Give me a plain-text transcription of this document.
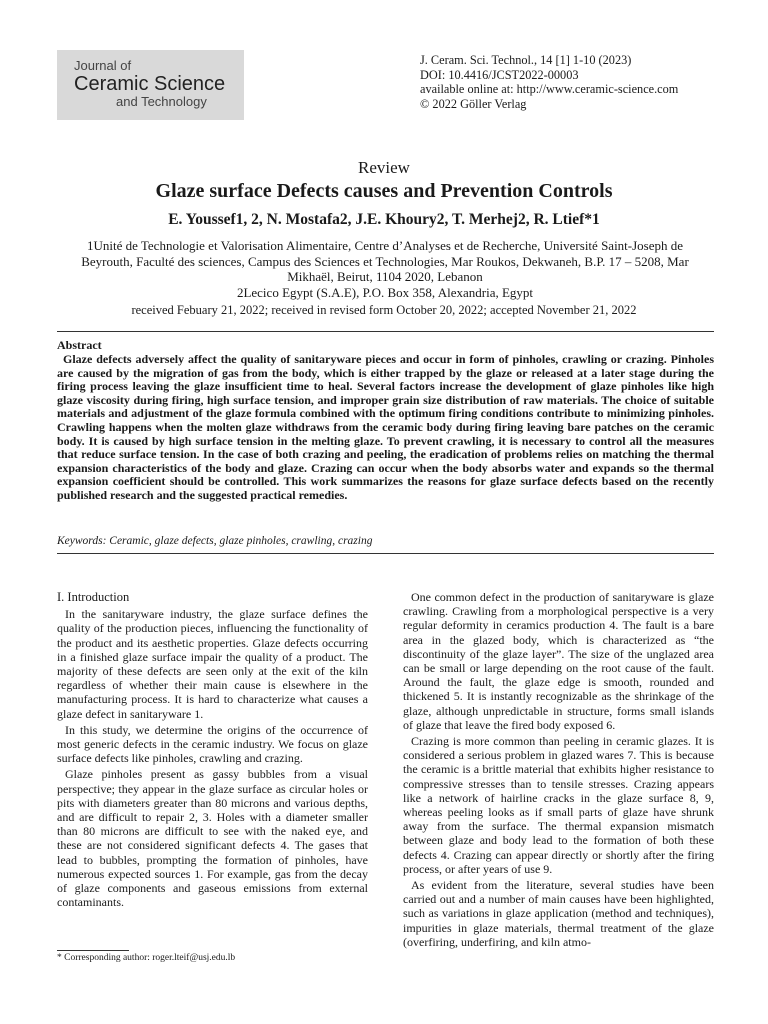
Journal of
Ceramic Science
and Technology
J. Ceram. Sci. Technol., 14 [1] 1-10 (2023)
DOI: 10.4416/JCST2022-00003
available online at: http://www.ceramic-science.com
© 2022 Göller Verlag
Review
Glaze surface Defects causes and Prevention Controls
E. Youssef1, 2, N. Mostafa2, J.E. Khoury2, T. Merhej2, R. Ltief*1
1Unité de Technologie et Valorisation Alimentaire, Centre d’Analyses et de Recherche, Université Saint-Joseph de Beyrouth, Faculté des sciences, Campus des Sciences et Technologies, Mar Roukos, Dekwaneh, B.P. 17 – 5208, Mar Mikhaël, Beirut, 1104 2020, Lebanon
2Lecico Egypt (S.A.E), P.O. Box 358, Alexandria, Egypt
received Febuary 21, 2022; received in revised form October 20, 2022; accepted November 21, 2022
Abstract
Glaze defects adversely affect the quality of sanitaryware pieces and occur in form of pinholes, crawling or crazing. Pinholes are caused by the migration of gas from the body, which is either trapped by the glaze or released at a later stage during the firing process leaving the glaze insufficient time to heal. Several factors increase the development of glaze pinholes like high glaze viscosity during firing, high surface tension, and improper grain size distribution of raw materials. The choice of suitable materials and adjustment of the glaze formula combined with the optimum firing conditions contribute to minimizing pinholes. Crawling happens when the molten glaze withdraws from the ceramic body during firing leaving bare patches on the ceramic body. It is caused by high surface tension in the melting glaze. To prevent crawling, it is necessary to control all the measures that reduce surface tension. In the case of both crazing and peeling, the eradication of problems relies on matching the thermal expansion characteristics of the body and glaze. Crazing can occur when the body absorbs water and expands so the thermal expansion coefficient should be controlled. This work summarizes the reasons for glaze surface defects based on the recently published research and the suggested practical remedies.
Keywords: Ceramic, glaze defects, glaze pinholes, crawling, crazing
I. Introduction

In the sanitaryware industry, the glaze surface defines the quality of the production pieces, influencing the functionality of the product and its aesthetic properties. Glaze defects occurring in a finished glaze surface impair the quality of a product. The majority of these defects are seen only at the exit of the kiln regardless of whether their main cause is elsewhere in the manufacturing process. It is hard to characterize what causes a glaze defect in sanitaryware 1.

In this study, we determine the origins of the occurrence of most generic defects in the ceramic industry. We focus on glaze surface defects like pinholes, crawling and crazing.

Glaze pinholes present as gassy bubbles from a visual perspective; they appear in the glaze surface as circular holes or pits with diameters greater than 80 microns and various depths, and are difficult to repair 2, 3. Holes with a diameter smaller than 80 microns are difficult to see with the naked eye, and these are not considered significant defects 4. The gases that lead to bubbles, prompting the formation of pinholes, have numerous expected sources 1. For example, gas from the decay of glaze components and gaseous emissions from external contaminants.

One common defect in the production of sanitaryware is glaze crawling. Crawling from a morphological perspective is a very regular deformity in ceramics production 4. The fault is a bare area in the glazed body, which is characterized as “the discontinuity of the glaze layer”. The size of the unglazed area can be small or large depending on the root cause of the fault. Around the fault, the glaze edge is smooth, rounded and thickened 5. It is instantly recognizable as the shrinkage of the glaze, although unpredictable in structure, forms small islands of glaze that leave the fired body exposed 6.

Crazing is more common than peeling in ceramic glazes. It is considered a serious problem in glazed wares 7. This is because the ceramic is a brittle material that exhibits higher resistance to compressive stresses than to tensile stresses. Crazing appears like a network of hairline cracks in the glaze surface 8, 9, whereas peeling looks as if small parts of glaze have shrunk away from the surface. The thermal expansion mismatch between glaze and body lead to the formation of both these defects 4. Crazing can appear directly or shortly after the firing process, or after years of use 9.

As evident from the literature, several studies have been carried out and a number of main causes have been highlighted, such as variations in glaze application (method and techniques), impurities in glaze materials, thermal treatment of the glaze (overfiring, underfiring, and kiln atmo-

* Corresponding author: roger.lteif@usj.edu.lb
